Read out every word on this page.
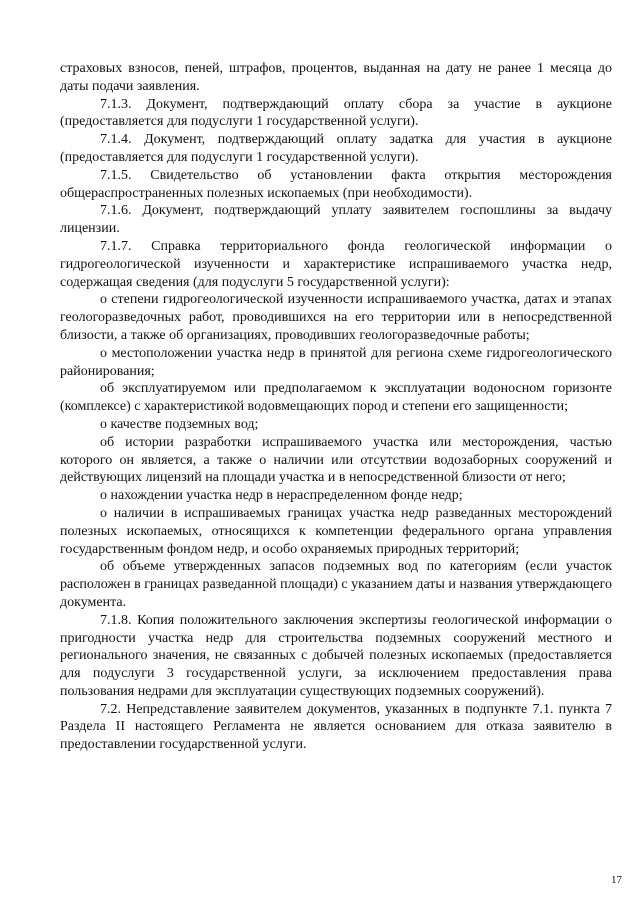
страховых взносов, пеней, штрафов, процентов, выданная на дату не ранее 1 месяца до даты подачи заявления.

7.1.3. Документ, подтверждающий оплату сбора за участие в аукционе (предоставляется для подуслуги 1 государственной услуги).

7.1.4. Документ, подтверждающий оплату задатка для участия в аукционе (предоставляется для подуслуги 1 государственной услуги).

7.1.5. Свидетельство об установлении факта открытия месторождения общераспространенных полезных ископаемых (при необходимости).

7.1.6. Документ, подтверждающий уплату заявителем госпошлины за выдачу лицензии.

7.1.7. Справка территориального фонда геологической информации о гидрогеологической изученности и характеристике испрашиваемого участка недр, содержащая сведения (для подуслуги 5 государственной услуги):

о степени гидрогеологической изученности испрашиваемого участка, датах и этапах геологоразведочных работ, проводившихся на его территории или в непосредственной близости, а также об организациях, проводивших геологоразведочные работы;

о местоположении участка недр в принятой для региона схеме гидрогеологического районирования;

об эксплуатируемом или предполагаемом к эксплуатации водоносном горизонте (комплексе) с характеристикой водовмещающих пород и степени его защищенности;

о качестве подземных вод;

об истории разработки испрашиваемого участка или месторождения, частью которого он является, а также о наличии или отсутствии водозаборных сооружений и действующих лицензий на площади участка и в непосредственной близости от него;

о нахождении участка недр в нераспределенном фонде недр;

о наличии в испрашиваемых границах участка недр разведанных месторождений полезных ископаемых, относящихся к компетенции федерального органа управления государственным фондом недр, и особо охраняемых природных территорий;

об объеме утвержденных запасов подземных вод по категориям (если участок расположен в границах разведанной площади) с указанием даты и названия утверждающего документа.

7.1.8. Копия положительного заключения экспертизы геологической информации о пригодности участка недр для строительства подземных сооружений местного и регионального значения, не связанных с добычей полезных ископаемых (предоставляется для подуслуги 3 государственной услуги, за исключением предоставления права пользования недрами для эксплуатации существующих подземных сооружений).

7.2. Непредставление заявителем документов, указанных в подпункте 7.1. пункта 7 Раздела II настоящего Регламента не является основанием для отказа заявителю в предоставлении государственной услуги.

17
